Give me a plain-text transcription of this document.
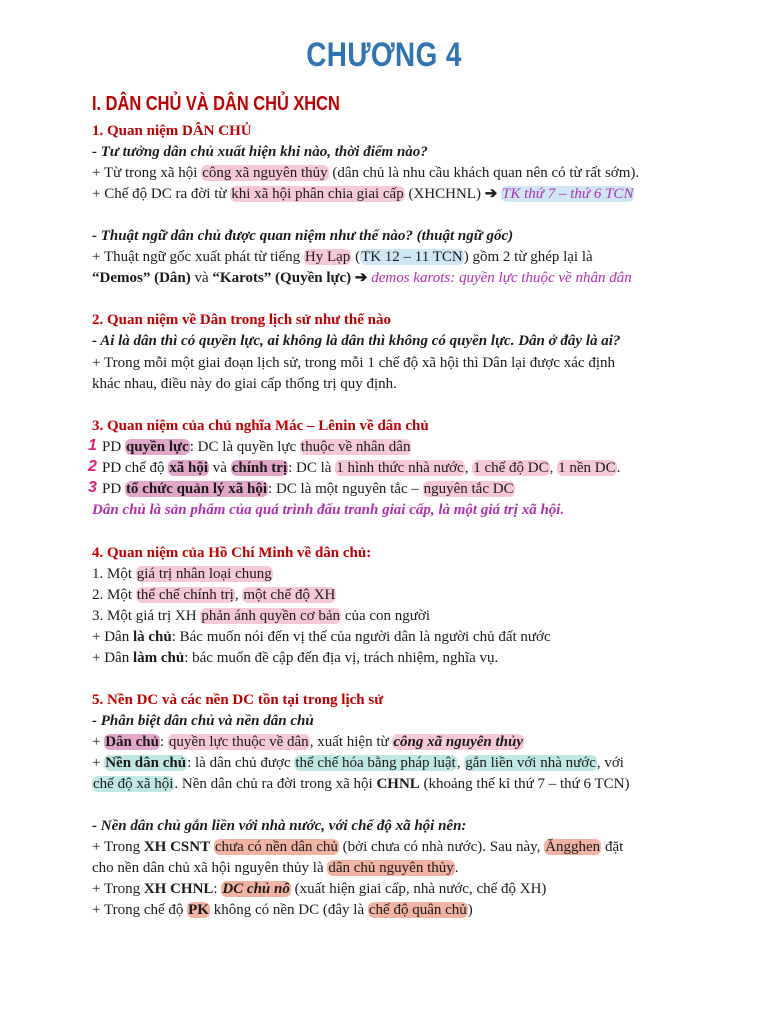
CHƯƠNG 4
I. DÂN CHỦ VÀ DÂN CHỦ XHCN
1. Quan niệm DÂN CHỦ
- Tư tưởng dân chủ xuất hiện khi nào, thời điểm nào?
+ Từ trong xã hội công xã nguyên thủy (dân chủ là nhu cầu khách quan nên có từ rất sớm).
+ Chế độ DC ra đời từ khi xã hội phân chia giai cấp (XHCHNL) ➔ TK thứ 7 – thứ 6 TCN
- Thuật ngữ dân chủ được quan niệm như thế nào? (thuật ngữ gốc)
+ Thuật ngữ gốc xuất phát từ tiếng Hy Lạp (TK 12 – 11 TCN) gồm 2 từ ghép lại là
“Demos” (Dân) và “Karots” (Quyền lực) ➔ demos karots: quyền lực thuộc về nhân dân
2. Quan niệm về Dân trong lịch sử như thế nào
- Ai là dân thì có quyền lực, ai không là dân thì không có quyền lực. Dân ở đây là ai?
+ Trong mỗi một giai đoạn lịch sử, trong mỗi 1 chế độ xã hội thì Dân lại được xác định
khác nhau, điều này do giai cấp thống trị quy định.
3. Quan niệm của chủ nghĩa Mác – Lênin về dân chủ
1 PD quyền lực: DC là quyền lực thuộc về nhân dân
2 PD chế độ xã hội và chính trị: DC là 1 hình thức nhà nước, 1 chế độ DC, 1 nền DC.
3 PD tổ chức quản lý xã hội: DC là một nguyên tắc – nguyên tắc DC
Dân chủ là sản phẩm của quá trình đấu tranh giai cấp, là một giá trị xã hội.
4. Quan niệm của Hồ Chí Minh về dân chủ:
1. Một giá trị nhân loại chung
2. Một thể chế chính trị, một chế độ XH
3. Một giá trị XH phản ánh quyền cơ bản của con người
+ Dân là chủ: Bác muốn nói đến vị thế của người dân là người chủ đất nước
+ Dân làm chủ: bác muốn đề cập đến địa vị, trách nhiệm, nghĩa vụ.
5. Nền DC và các nền DC tồn tại trong lịch sử
- Phân biệt dân chủ và nền dân chủ
+ Dân chủ: quyền lực thuộc về dân, xuất hiện từ công xã nguyên thủy
+ Nền dân chủ: là dân chủ được thể chế hóa bằng pháp luật, gắn liền với nhà nước, với
chế độ xã hội. Nền dân chủ ra đời trong xã hội CHNL (khoảng thế kỉ thứ 7 – thứ 6 TCN)
- Nền dân chủ gắn liền với nhà nước, với chế độ xã hội nên:
+ Trong XH CSNT chưa có nền dân chủ (bởi chưa có nhà nước). Sau này, Ăngghen đặt
cho nền dân chủ xã hội nguyên thủy là dân chủ nguyên thủy.
+ Trong XH CHNL: DC chủ nô (xuất hiện giai cấp, nhà nước, chế độ XH)
+ Trong chế độ PK không có nền DC (đây là chế độ quân chủ)
